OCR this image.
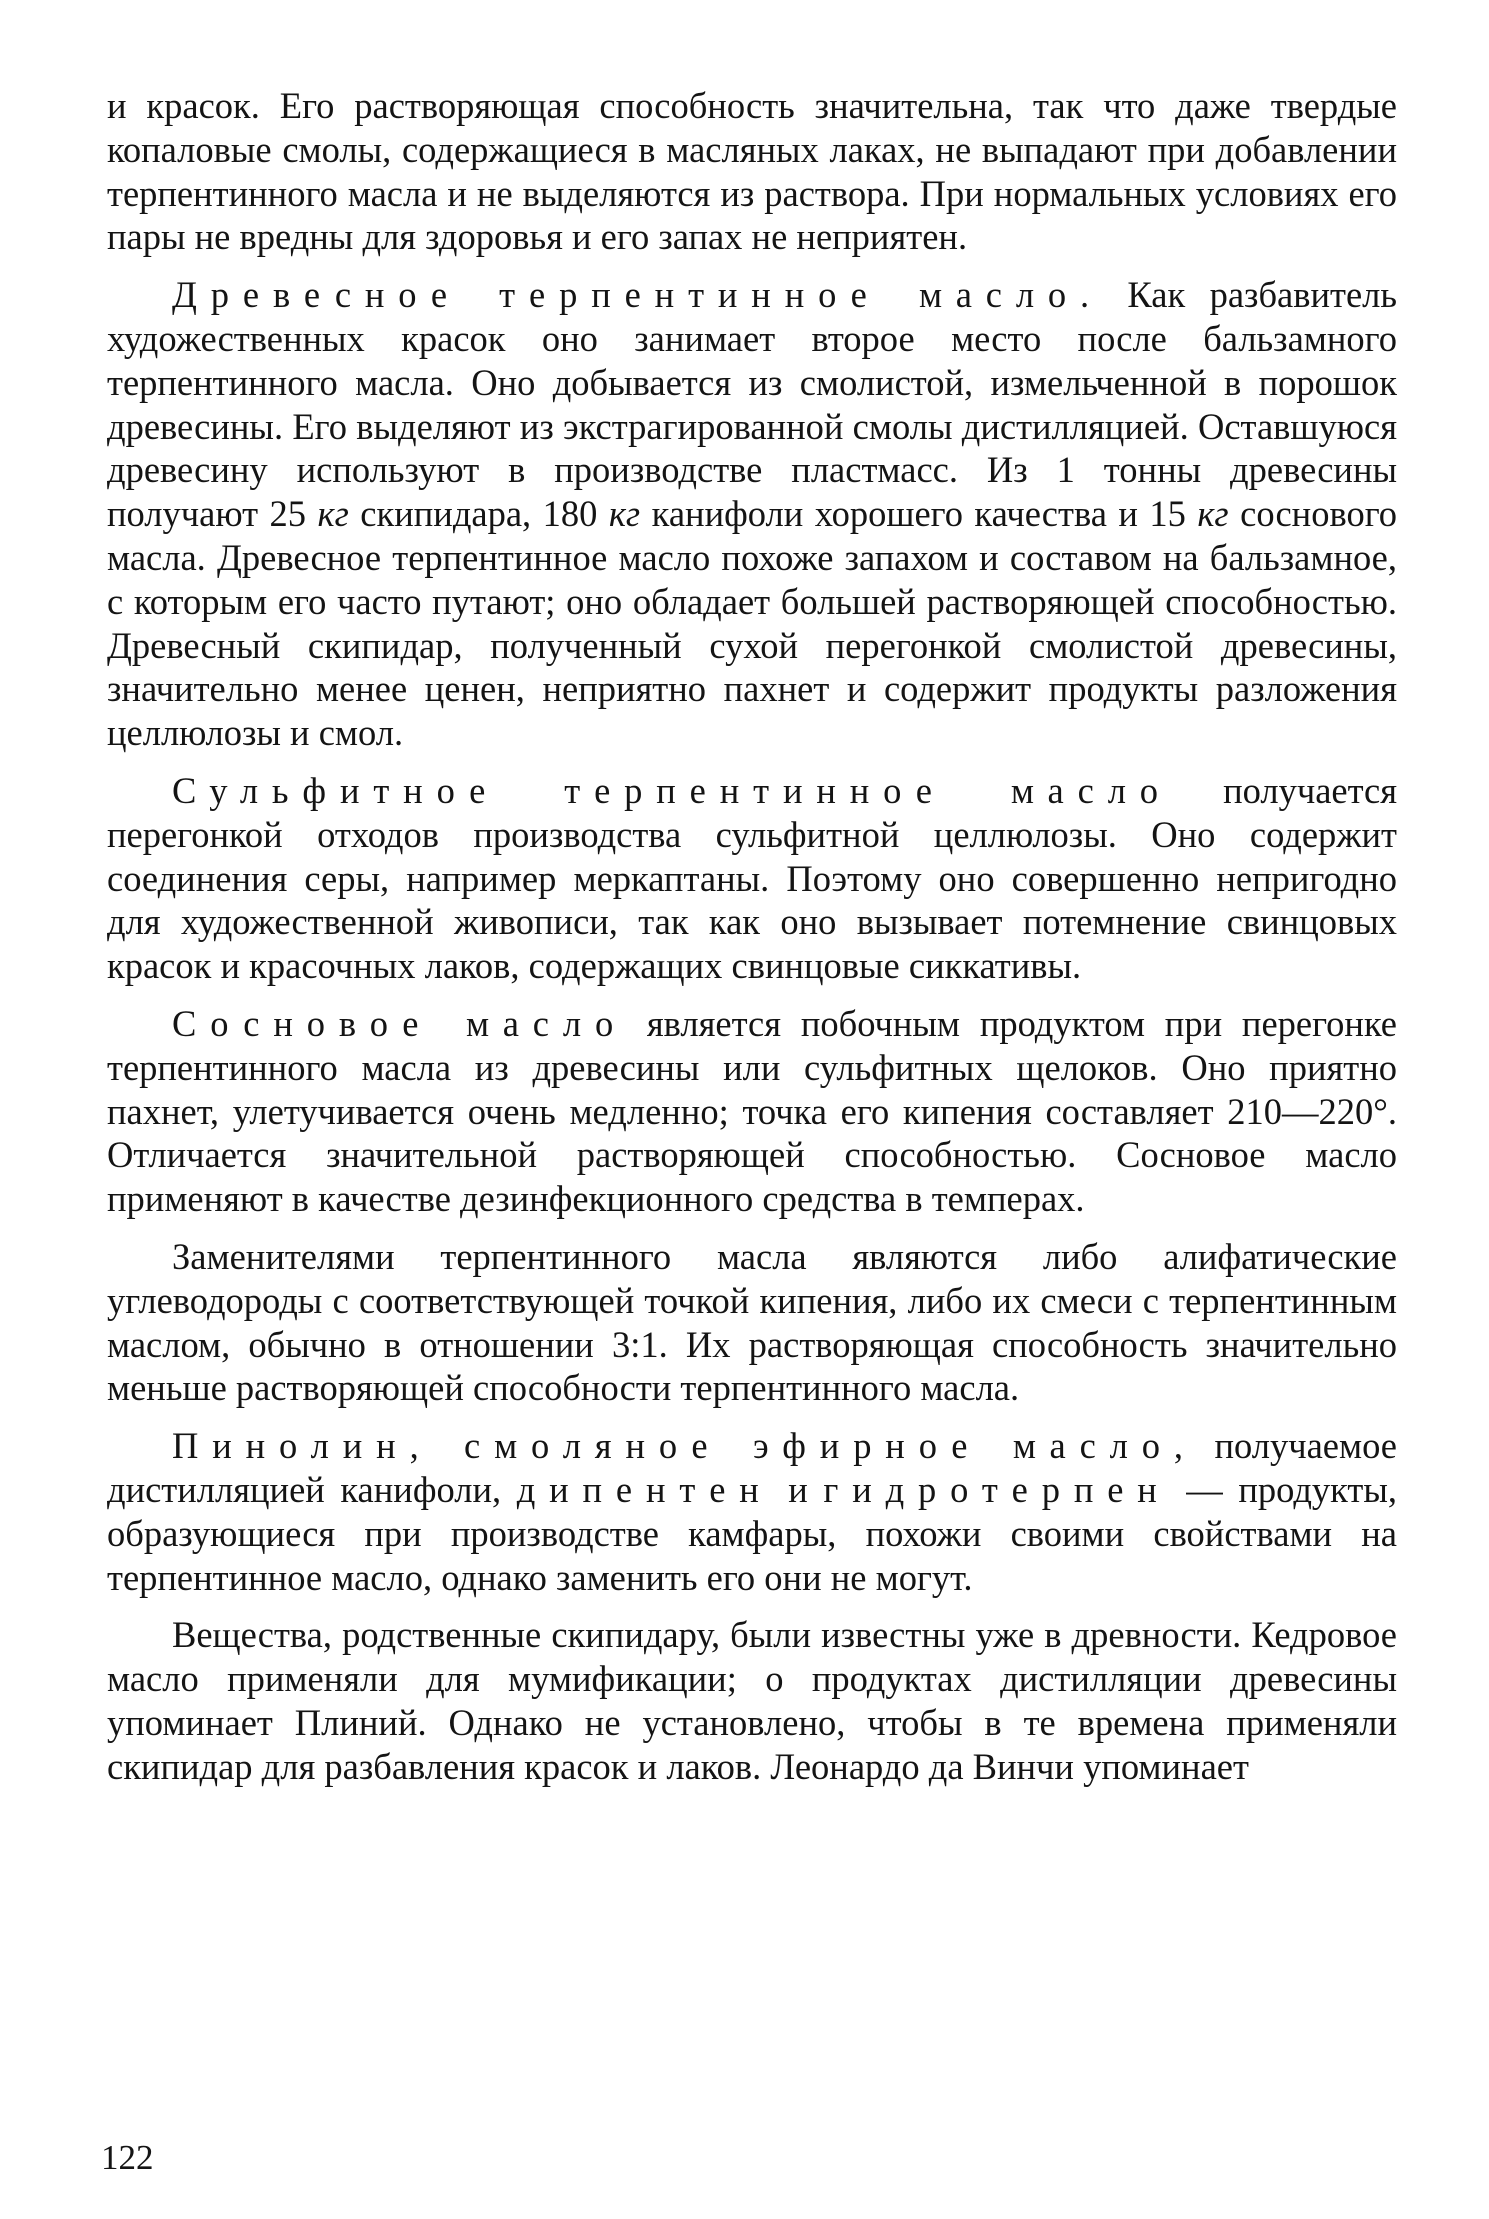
и красок. Его растворяющая способность значительна, так что даже твердые копаловые смолы, содержащиеся в масляных лаках, не выпадают при добавлении терпентинного масла и не выделяются из раствора. При нормальных условиях его пары не вредны для здоровья и его запах не неприятен.

Древесное терпентинное масло. Как разбавитель художественных красок оно занимает второе место после бальзамного терпентинного масла. Оно добывается из смолистой, измельченной в порошок древесины. Его выделяют из экстрагированной смолы дистилляцией. Оставшуюся древесину используют в производстве пластмасс. Из 1 тонны древесины получают 25 кг скипидара, 180 кг канифоли хорошего качества и 15 кг соснового масла. Древесное терпентинное масло похоже запахом и составом на бальзамное, с которым его часто путают; оно обладает большей растворяющей способностью. Древесный скипидар, полученный сухой перегонкой смолистой древесины, значительно менее ценен, неприятно пахнет и содержит продукты разложения целлюлозы и смол.

Сульфитное терпентинное масло получается перегонкой отходов производства сульфитной целлюлозы. Оно содержит соединения серы, например меркаптаны. Поэтому оно совершенно непригодно для художественной живописи, так как оно вызывает потемнение свинцовых красок и красочных лаков, содержащих свинцовые сиккативы.

Сосновое масло является побочным продуктом при перегонке терпентинного масла из древесины или сульфитных щелоков. Оно приятно пахнет, улетучивается очень медленно; точка его кипения составляет 210—220°. Отличается значительной растворяющей способностью. Сосновое масло применяют в качестве дезинфекционного средства в темперах.

Заменителями терпентинного масла являются либо алифатические углеводороды с соответствующей точкой кипения, либо их смеси с терпентинным маслом, обычно в отношении 3:1. Их растворяющая способность значительно меньше растворяющей способности терпентинного масла.

Пинолин, смоляное эфирное масло, получаемое дистилляцией канифоли, дипентен и гидротерпен — продукты, образующиеся при производстве камфары, похожи своими свойствами на терпентинное масло, однако заменить его они не могут.

Вещества, родственные скипидару, были известны уже в древности. Кедровое масло применяли для мумификации; о продуктах дистилляции древесины упоминает Плиний. Однако не установлено, чтобы в те времена применяли скипидар для разбавления красок и лаков. Леонардо да Винчи упоминает

122
